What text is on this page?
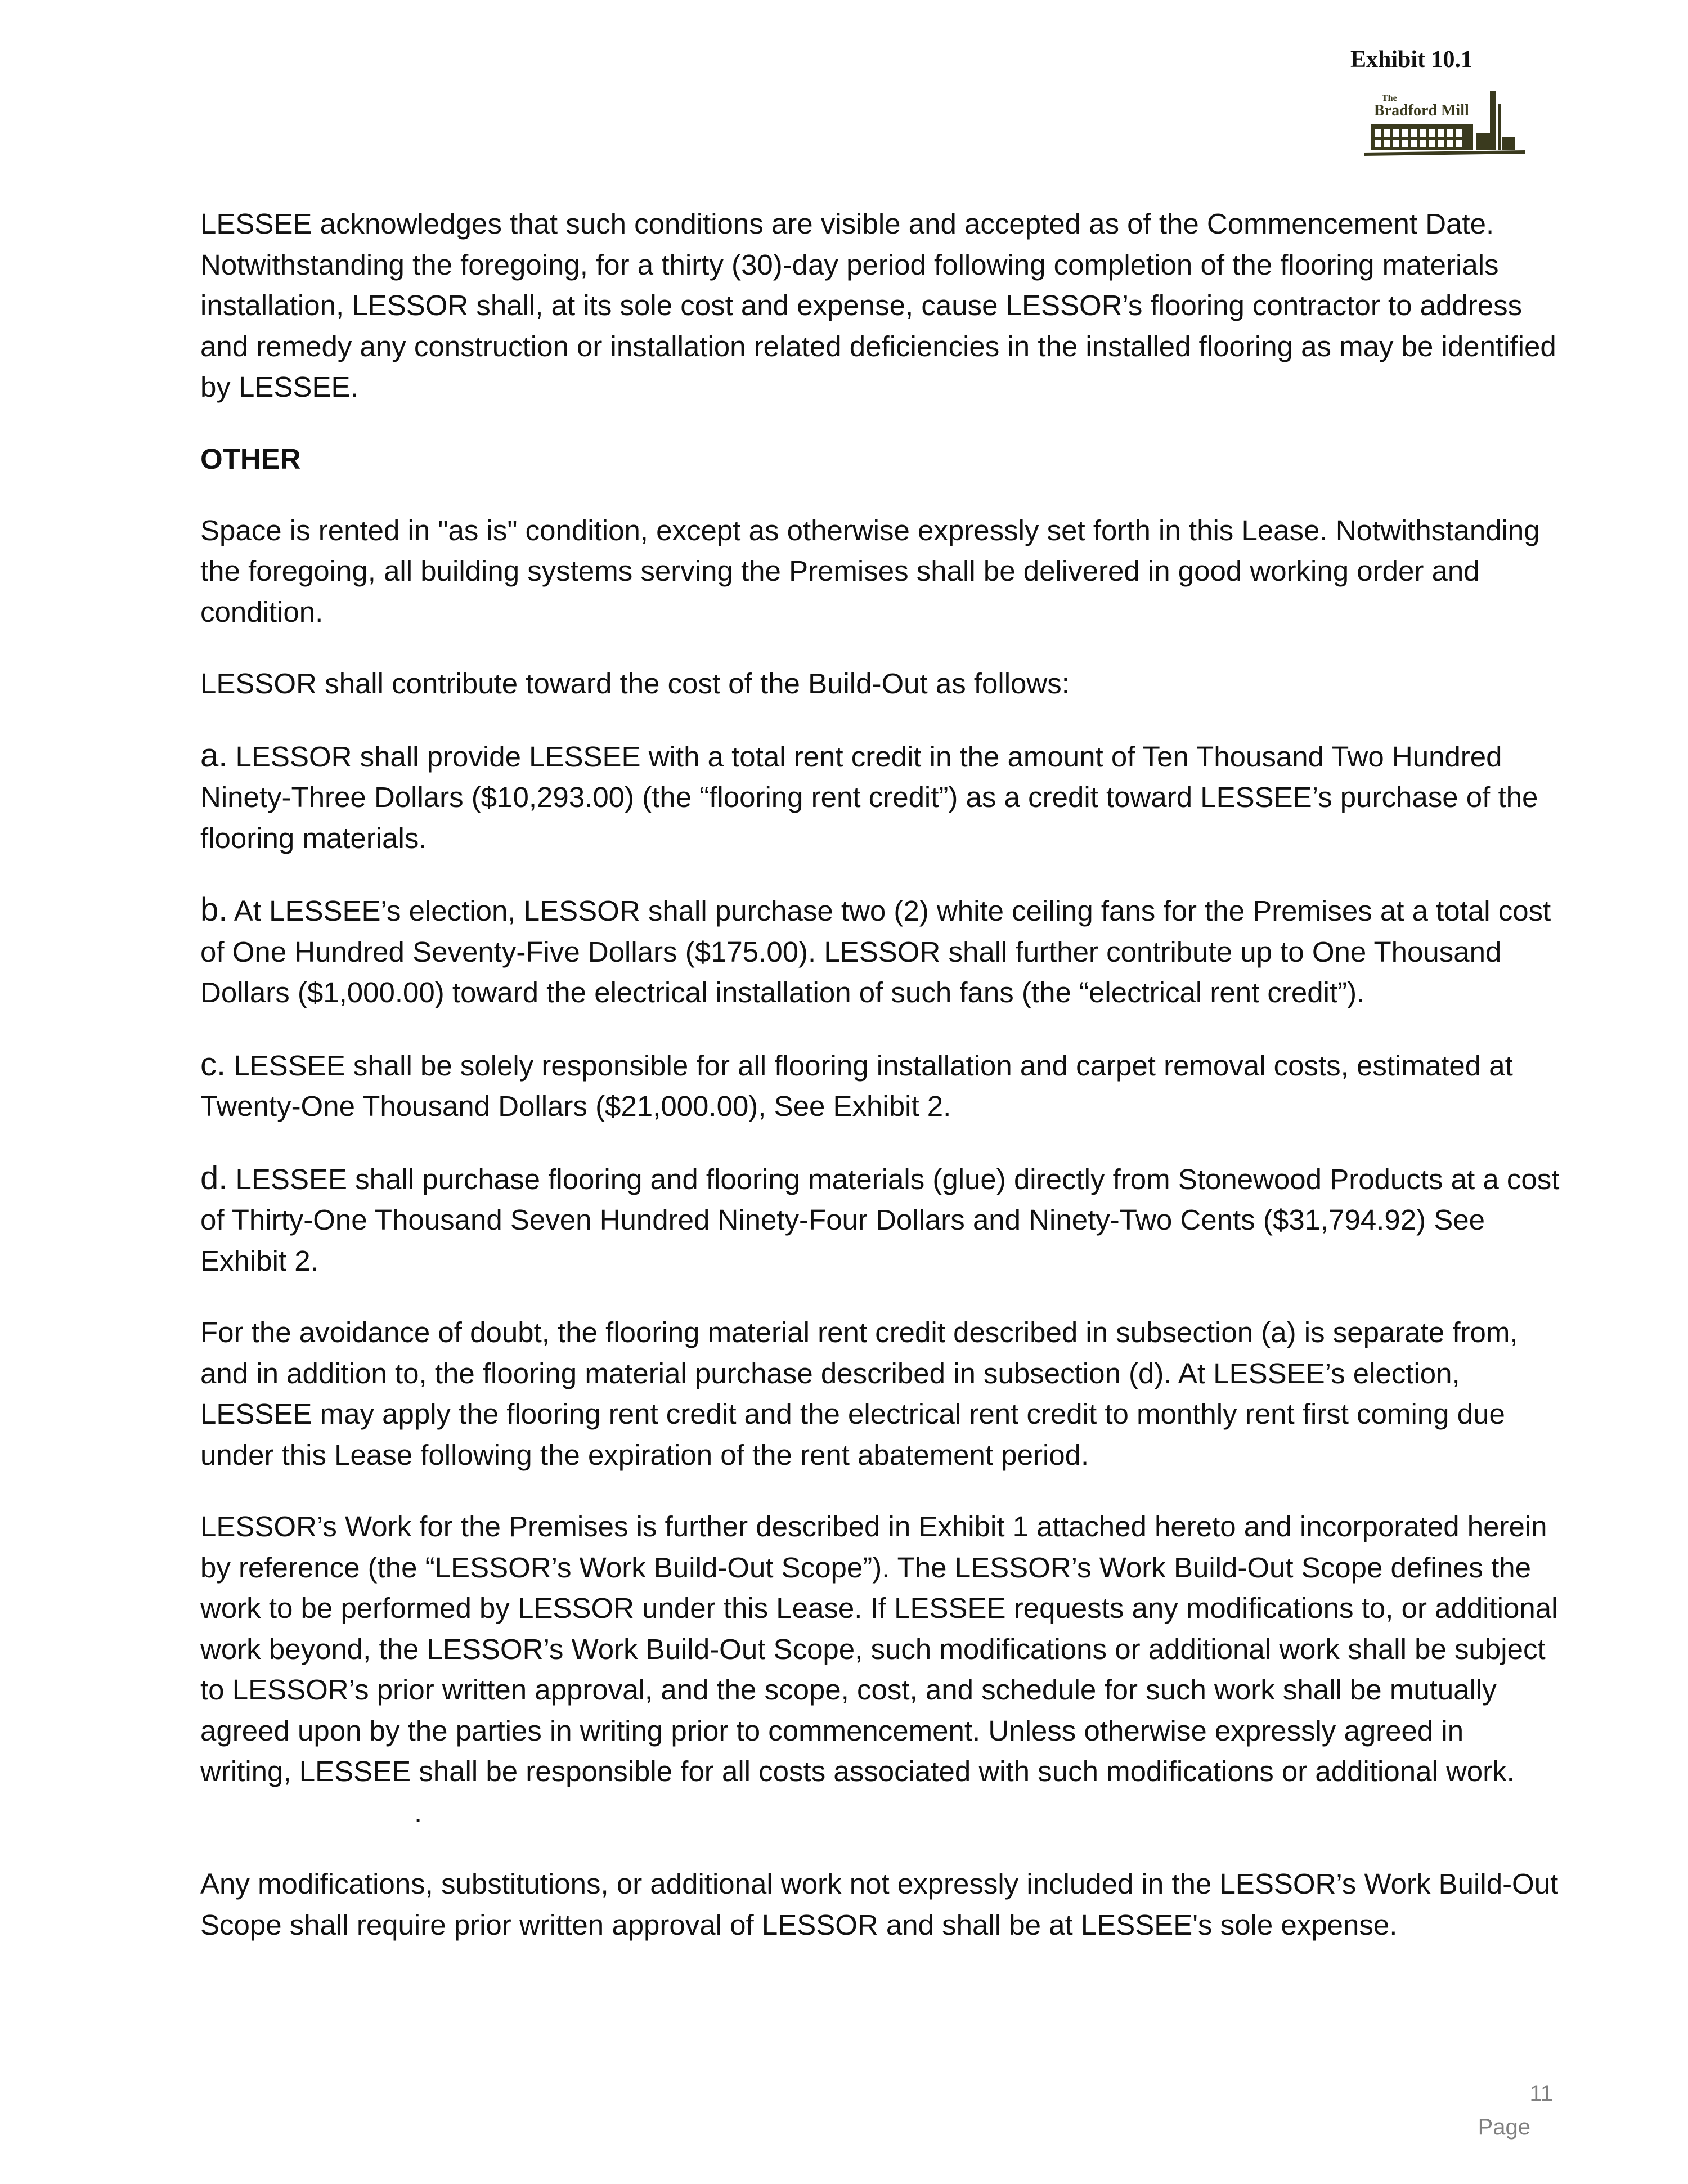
Exhibit 10.1
The
Bradford Mill

LESSEE acknowledges that such conditions are visible and accepted as of the Commencement Date. Notwithstanding the foregoing, for a thirty (30)-day period following completion of the flooring materials installation, LESSOR shall, at its sole cost and expense, cause LESSOR’s flooring contractor to address and remedy any construction or installation related deficiencies in the installed flooring as may be identified by LESSEE.

OTHER

Space is rented in "as is" condition, except as otherwise expressly set forth in this Lease. Notwithstanding the foregoing, all building systems serving the Premises shall be delivered in good working order and condition.

LESSOR shall contribute toward the cost of the Build-Out as follows:

a. LESSOR shall provide LESSEE with a total rent credit in the amount of Ten Thousand Two Hundred Ninety-Three Dollars ($10,293.00) (the “flooring rent credit”) as a credit toward LESSEE’s purchase of the flooring materials.

b. At LESSEE’s election, LESSOR shall purchase two (2) white ceiling fans for the Premises at a total cost of One Hundred Seventy-Five Dollars ($175.00). LESSOR shall further contribute up to One Thousand Dollars ($1,000.00) toward the electrical installation of such fans (the “electrical rent credit”).

c. LESSEE shall be solely responsible for all flooring installation and carpet removal costs, estimated at Twenty-One Thousand Dollars ($21,000.00), See Exhibit 2.

d. LESSEE shall purchase flooring and flooring materials (glue) directly from Stonewood Products at a cost of Thirty-One Thousand Seven Hundred Ninety-Four Dollars and Ninety-Two Cents ($31,794.92) See Exhibit 2.

For the avoidance of doubt, the flooring material rent credit described in subsection (a) is separate from, and in addition to, the flooring material purchase described in subsection (d). At LESSEE’s election, LESSEE may apply the flooring rent credit and the electrical rent credit to monthly rent first coming due under this Lease following the expiration of the rent abatement period.

LESSOR’s Work for the Premises is further described in Exhibit 1 attached hereto and incorporated herein by reference (the “LESSOR’s Work Build-Out Scope”). The LESSOR’s Work Build-Out Scope defines the work to be performed by LESSOR under this Lease. If LESSEE requests any modifications to, or additional work beyond, the LESSOR’s Work Build-Out Scope, such modifications or additional work shall be subject to LESSOR’s prior written approval, and the scope, cost, and schedule for such work shall be mutually agreed upon by the parties in writing prior to commencement. Unless otherwise expressly agreed in writing, LESSEE shall be responsible for all costs associated with such modifications or additional work..

Any modifications, substitutions, or additional work not expressly included in the LESSOR’s Work Build-Out Scope shall require prior written approval of LESSOR and shall be at LESSEE's sole expense.

11
Page
